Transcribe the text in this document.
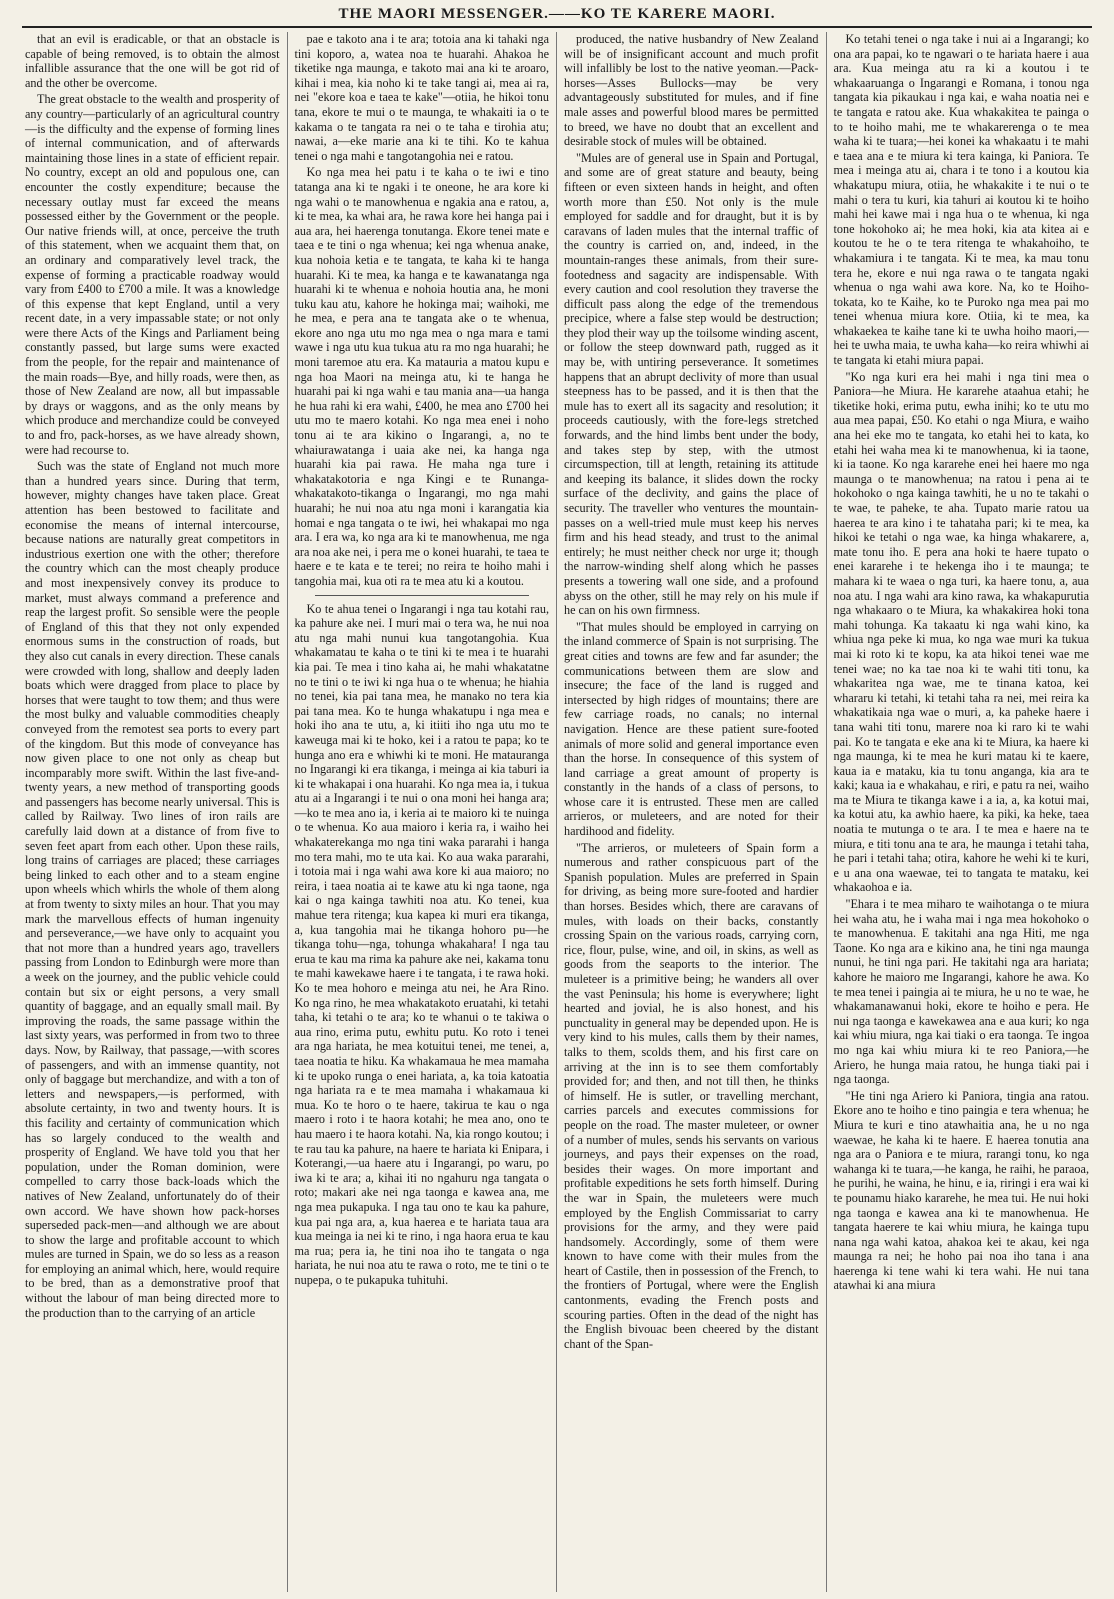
THE MAORI MESSENGER.——KO TE KARERE MAORI.

that an evil is eradicable, or that an obstacle is capable of being removed, is to obtain the almost infallible assurance that the one will be got rid of and the other be overcome.

The great obstacle to the wealth and prosperity of any country—particularly of an agricultural country—is the difficulty and the expense of forming lines of internal communication, and of afterwards maintaining those lines in a state of efficient repair. No country, except an old and populous one, can encounter the costly expenditure; because the necessary outlay must far exceed the means possessed either by the Government or the people. Our native friends will, at once, perceive the truth of this statement, when we acquaint them that, on an ordinary and comparatively level track, the expense of forming a practicable roadway would vary from £400 to £700 a mile. It was a knowledge of this expense that kept England, until a very recent date, in a very impassable state; or not only were there Acts of the Kings and Parliament being constantly passed, but large sums were exacted from the people, for the repair and maintenance of the main roads—Bye, and hilly roads, were then, as those of New Zealand are now, all but impassable by drays or waggons, and as the only means by which produce and merchandize could be conveyed to and fro, pack-horses, as we have already shown, were had recourse to.

Such was the state of England not much more than a hundred years since. During that term, however, mighty changes have taken place. Great attention has been bestowed to facilitate and economise the means of internal intercourse, because nations are naturally great competitors in industrious exertion one with the other; therefore the country which can the most cheaply produce and most inexpensively convey its produce to market, must always command a preference and reap the largest profit. So sensible were the people of England of this that they not only expended enormous sums in the construction of roads, but they also cut canals in every direction. These canals were crowded with long, shallow and deeply laden boats which were dragged from place to place by horses that were taught to tow them; and thus were the most bulky and valuable commodities cheaply conveyed from the remotest sea ports to every part of the kingdom. But this mode of conveyance has now given place to one not only as cheap but incomparably more swift. Within the last five-and-twenty years, a new method of transporting goods and passengers has become nearly universal. This is called by Railway. Two lines of iron rails are carefully laid down at a distance of from five to seven feet apart from each other. Upon these rails, long trains of carriages are placed; these carriages being linked to each other and to a steam engine upon wheels which whirls the whole of them along at from twenty to sixty miles an hour. That you may mark the marvellous effects of human ingenuity and perseverance,—we have only to acquaint you that not more than a hundred years ago, travellers passing from London to Edinburgh were more than a week on the journey, and the public vehicle could contain but six or eight persons, a very small quantity of baggage, and an equally small mail. By improving the roads, the same passage within the last sixty years, was performed in from two to three days. Now, by Railway, that passage,—with scores of passengers, and with an immense quantity, not only of baggage but merchandize, and with a ton of letters and newspapers,—is performed, with absolute certainty, in two and twenty hours. It is this facility and certainty of communication which has so largely conduced to the wealth and prosperity of England. We have told you that her population, under the Roman dominion, were compelled to carry those back-loads which the natives of New Zealand, unfortunately do of their own accord. We have shown how pack-horses superseded pack-men—and although we are about to show the large and profitable account to which mules are turned in Spain, we do so less as a reason for employing an animal which, here, would require to be bred, than as a demonstrative proof that without the labour of man being directed more to the production than to the carrying of an article

pae e takoto ana i te ara; totoia ana ki tahaki nga tini koporo, a, watea noa te huarahi. Ahakoa he tiketike nga maunga, e takoto mai ana ki te aroaro, kihai i mea, kia noho ki te take tangi ai, mea ai ra, nei "ekore koa e taea te kake"—otiia, he hikoi tonu tana, ekore te mui o te maunga, te whakaiti ia o te kakama o te tangata ra nei o te taha e tirohia atu; nawai, a—eke marie ana ki te tihi. Ko te kahua tenei o nga mahi e tangotangohia nei e ratou.

Ko nga mea hei patu i te kaha o te iwi e tino tatanga ana ki te ngaki i te oneone, he ara kore ki nga wahi o te manowhenua e ngakia ana e ratou, a, ki te mea, ka whai ara, he rawa kore hei hanga pai i aua ara, hei haerenga tonutanga. Ekore tenei mate e taea e te tini o nga whenua; kei nga whenua anake, kua nohoia ketia e te tangata, te kaha ki te hanga huarahi. Ki te mea, ka hanga e te kawanatanga nga huarahi ki te whenua e nohoia houtia ana, he moni tuku kau atu, kahore he hokinga mai; waihoki, me he mea, e pera ana te tangata ake o te whenua, ekore ano nga utu mo nga mea o nga mara e tami wawe i nga utu kua tukua atu ra mo nga huarahi; he moni taremoe atu era. Ka matauria a matou kupu e nga hoa Maori na meinga atu, ki te hanga he huarahi pai ki nga wahi e tau mania ana—ua hanga he hua rahi ki era wahi, £400, he mea ano £700 hei utu mo te maero kotahi. Ko nga mea enei i noho tonu ai te ara kikino o Ingarangi, a, no te whaiurawatanga i uaia ake nei, ka hanga nga huarahi kia pai rawa. He maha nga ture i whakatakotoria e nga Kingi e te Runanga-whakatakoto-tikanga o Ingarangi, mo nga mahi huarahi; he nui noa atu nga moni i karangatia kia homai e nga tangata o te iwi, hei whakapai mo nga ara. I era wa, ko nga ara ki te manowhenua, me nga ara noa ake nei, i pera me o konei huarahi, te taea te haere e te kata e te terei; no reira te hoiho mahi i tangohia mai, kua oti ra te mea atu ki a koutou.

Ko te ahua tenei o Ingarangi i nga tau kotahi rau, ka pahure ake nei. I muri mai o tera wa, he nui noa atu nga mahi nunui kua tangotangohia. Kua whakamatau te kaha o te tini ki te mea i te huarahi kia pai. Te mea i tino kaha ai, he mahi whakatatne no te tini o te iwi ki nga hua o te whenua; he hiahia no tenei, kia pai tana mea, he manako no tera kia pai tana mea. Ko te hunga whakatupu i nga mea e hoki iho ana te utu, a, ki itiiti iho nga utu mo te kaweuga mai ki te hoko, kei i a ratou te papa; ko te hunga ano era e whiwhi ki te moni. He matauranga no Ingarangi ki era tikanga, i meinga ai kia taburi ia ki te whakapai i ona huarahi. Ko nga mea ia, i tukua atu ai a Ingarangi i te nui o ona moni hei hanga ara;—ko te mea ano ia, i keria ai te maioro ki te nuinga o te whenua. Ko aua maioro i keria ra, i waiho hei whakaterekanga mo nga tini waka pararahi i hanga mo tera mahi, mo te uta kai. Ko aua waka pararahi, i totoia mai i nga wahi awa kore ki aua maioro; no reira, i taea noatia ai te kawe atu ki nga taone, nga kai o nga kainga tawhiti noa atu. Ko tenei, kua mahue tera ritenga; kua kapea ki muri era tikanga, a, kua tangohia mai he tikanga hohoro pu—he tikanga tohu—nga, tohunga whakahara! I nga tau erua te kau ma rima ka pahure ake nei, kakama tonu te mahi kawekawe haere i te tangata, i te rawa hoki. Ko te mea hohoro e meinga atu nei, he Ara Rino. Ko nga rino, he mea whakatakoto eruatahi, ki tetahi taha, ki tetahi o te ara; ko te whanui o te takiwa o aua rino, erima putu, ewhitu putu. Ko roto i tenei ara nga hariata, he mea kotuitui tenei, me tenei, a, taea noatia te hiku. Ka whakamaua he mea mamaha ki te upoko runga o enei hariata, a, ka toia katoatia nga hariata ra e te mea mamaha i whakamaua ki mua. Ko te horo o te haere, takirua te kau o nga maero i roto i te haora kotahi; he mea ano, ono te hau maero i te haora kotahi. Na, kia rongo koutou; i te rau tau ka pahure, na haere te hariata ki Enipara, i Koterangi,—ua haere atu i Ingarangi, po waru, po iwa ki te ara; a, kihai iti no ngahuru nga tangata o roto; makari ake nei nga taonga e kawea ana, me nga mea pukapuka. I nga tau ono te kau ka pahure, kua pai nga ara, a, kua haerea e te hariata taua ara kua meinga ia nei ki te rino, i nga haora erua te kau ma rua; pera ia, he tini noa iho te tangata o nga hariata, he nui noa atu te rawa o roto, me te tini o te nupepa, o te pukapuka tuhituhi.

produced, the native husbandry of New Zealand will be of insignificant account and much profit will infallibly be lost to the native yeoman.—Pack-horses—Asses Bullocks—may be very advantageously substituted for mules, and if fine male asses and powerful blood mares be permitted to breed, we have no doubt that an excellent and desirable stock of mules will be obtained.

"Mules are of general use in Spain and Portugal, and some are of great stature and beauty, being fifteen or even sixteen hands in height, and often worth more than £50. Not only is the mule employed for saddle and for draught, but it is by caravans of laden mules that the internal traffic of the country is carried on, and, indeed, in the mountain-ranges these animals, from their sure-footedness and sagacity are indispensable. With every caution and cool resolution they traverse the difficult pass along the edge of the tremendous precipice, where a false step would be destruction; they plod their way up the toilsome winding ascent, or follow the steep downward path, rugged as it may be, with untiring perseverance. It sometimes happens that an abrupt declivity of more than usual steepness has to be passed, and it is then that the mule has to exert all its sagacity and resolution; it proceeds cautiously, with the fore-legs stretched forwards, and the hind limbs bent under the body, and takes step by step, with the utmost circumspection, till at length, retaining its attitude and keeping its balance, it slides down the rocky surface of the declivity, and gains the place of security. The traveller who ventures the mountain-passes on a well-tried mule must keep his nerves firm and his head steady, and trust to the animal entirely; he must neither check nor urge it; though the narrow-winding shelf along which he passes presents a towering wall one side, and a profound abyss on the other, still he may rely on his mule if he can on his own firmness.

"That mules should be employed in carrying on the inland commerce of Spain is not surprising. The great cities and towns are few and far asunder; the communications between them are slow and insecure; the face of the land is rugged and intersected by high ridges of mountains; there are few carriage roads, no canals; no internal navigation. Hence are these patient sure-footed animals of more solid and general importance even than the horse. In consequence of this system of land carriage a great amount of property is constantly in the hands of a class of persons, to whose care it is entrusted. These men are called arrieros, or muleteers, and are noted for their hardihood and fidelity.

"The arrieros, or muleteers of Spain form a numerous and rather conspicuous part of the Spanish population. Mules are preferred in Spain for driving, as being more sure-footed and hardier than horses. Besides which, there are caravans of mules, with loads on their backs, constantly crossing Spain on the various roads, carrying corn, rice, flour, pulse, wine, and oil, in skins, as well as goods from the seaports to the interior. The muleteer is a primitive being; he wanders all over the vast Peninsula; his home is everywhere; light hearted and jovial, he is also honest, and his punctuality in general may be depended upon. He is very kind to his mules, calls them by their names, talks to them, scolds them, and his first care on arriving at the inn is to see them comfortably provided for; and then, and not till then, he thinks of himself. He is sutler, or travelling merchant, carries parcels and executes commissions for people on the road. The master muleteer, or owner of a number of mules, sends his servants on various journeys, and pays their expenses on the road, besides their wages. On more important and profitable expeditions he sets forth himself. During the war in Spain, the muleteers were much employed by the English Commissariat to carry provisions for the army, and they were paid handsomely. Accordingly, some of them were known to have come with their mules from the heart of Castile, then in possession of the French, to the frontiers of Portugal, where were the English cantonments, evading the French posts and scouring parties. Often in the dead of the night has the English bivouac been cheered by the distant chant of the Span-

Ko tetahi tenei o nga take i nui ai a Ingarangi; ko ona ara papai, ko te ngawari o te hariata haere i aua ara. Kua meinga atu ra ki a koutou i te whakaaruanga o Ingarangi e Romana, i tonou nga tangata kia pikaukau i nga kai, e waha noatia nei e te tangata e ratou ake. Kua whakakitea te painga o to te hoiho mahi, me te whakarerenga o te mea waha ki te tuara;—hei konei ka whakaatu i te mahi e taea ana e te miura ki tera kainga, ki Paniora. Te mea i meinga atu ai, chara i te tono i a koutou kia whakatupu miura, otiia, he whakakite i te nui o te mahi o tera tu kuri, kia tahuri ai koutou ki te hoiho mahi hei kawe mai i nga hua o te whenua, ki nga tone hokohoko ai; he mea hoki, kia ata kitea ai e koutou te he o te tera ritenga te whakahoiho, te whakamiura i te tangata. Ki te mea, ka mau tonu tera he, ekore e nui nga rawa o te tangata ngaki whenua o nga wahi awa kore. Na, ko te Hoiho-tokata, ko te Kaihe, ko te Puroko nga mea pai mo tenei whenua miura kore. Otiia, ki te mea, ka whakaekea te kaihe tane ki te uwha hoiho maori,—hei te uwha maia, te uwha kaha—ko reira whiwhi ai te tangata ki etahi miura papai.

"Ko nga kuri era hei mahi i nga tini mea o Paniora—he Miura. He kararehe ataahua etahi; he tiketike hoki, erima putu, ewha inihi; ko te utu mo aua mea papai, £50. Ko etahi o nga Miura, e waiho ana hei eke mo te tangata, ko etahi hei to kata, ko etahi hei waha mea ki te manowhenua, ki ia taone, ki ia taone. Ko nga kararehe enei hei haere mo nga maunga o te manowhenua; na ratou i pena ai te hokohoko o nga kainga tawhiti, he u no te takahi o te wae, te paheke, te aha. Tupato marie ratou ua haerea te ara kino i te tahataha pari; ki te mea, ka hikoi ke tetahi o nga wae, ka hinga whakarere, a, mate tonu iho. E pera ana hoki te haere tupato o enei kararehe i te hekenga iho i te maunga; te mahara ki te waea o nga turi, ka haere tonu, a, aua noa atu. I nga wahi ara kino rawa, ka whakapurutia nga whakaaro o te Miura, ka whakakirea hoki tona mahi tohunga. Ka takaatu ki nga wahi kino, ka whiua nga peke ki mua, ko nga wae muri ka tukua mai ki roto ki te kopu, ka ata hikoi tenei wae me tenei wae; no ka tae noa ki te wahi titi tonu, ka whakaritea nga wae, me te tinana katoa, kei whararu ki tetahi, ki tetahi taha ra nei, mei reira ka whakatikaia nga wae o muri, a, ka paheke haere i tana wahi titi tonu, marere noa ki raro ki te wahi pai. Ko te tangata e eke ana ki te Miura, ka haere ki nga maunga, ki te mea he kuri matau ki te kaere, kaua ia e mataku, kia tu tonu anganga, kia ara te kaki; kaua ia e whakahau, e riri, e patu ra nei, waiho ma te Miura te tikanga kawe i a ia, a, ka kotui mai, ka kotui atu, ka awhio haere, ka piki, ka heke, taea noatia te mutunga o te ara. I te mea e haere na te miura, e titi tonu ana te ara, he maunga i tetahi taha, he pari i tetahi taha; otira, kahore he wehi ki te kuri, e u ana ona waewae, tei to tangata te mataku, kei whakaohoa e ia.

"Ehara i te mea miharo te waihotanga o te miura hei waha atu, he i waha mai i nga mea hokohoko o te manowhenua. E takitahi ana nga Hiti, me nga Taone. Ko nga ara e kikino ana, he tini nga maunga nunui, he tini nga pari. He takitahi nga ara hariata; kahore he maioro me Ingarangi, kahore he awa. Ko te mea tenei i paingia ai te miura, he u no te wae, he whakamanawanui hoki, ekore te hoiho e pera. He nui nga taonga e kawekawea ana e aua kuri; ko nga kai whiu miura, nga kai tiaki o era taonga. Te ingoa mo nga kai whiu miura ki te reo Paniora,—he Ariero, he hunga maia ratou, he hunga tiaki pai i nga taonga.

"He tini nga Ariero ki Paniora, tingia ana ratou. Ekore ano te hoiho e tino paingia e tera whenua; he Miura te kuri e tino atawhaitia ana, he u no nga waewae, he kaha ki te haere. E haerea tonutia ana nga ara o Paniora e te miura, rarangi tonu, ko nga wahanga ki te tuara,—he kanga, he raihi, he paraoa, he purihi, he waina, he hinu, e ia, riringi i era wai ki te pounamu hiako kararehe, he mea tui. He nui hoki nga taonga e kawea ana ki te manowhenua. He tangata haerere te kai whiu miura, he kainga tupu nana nga wahi katoa, ahakoa kei te akau, kei nga maunga ra nei; he hoho pai noa iho tana i ana haerenga ki tene wahi ki tera wahi. He nui tana atawhai ki ana miura
